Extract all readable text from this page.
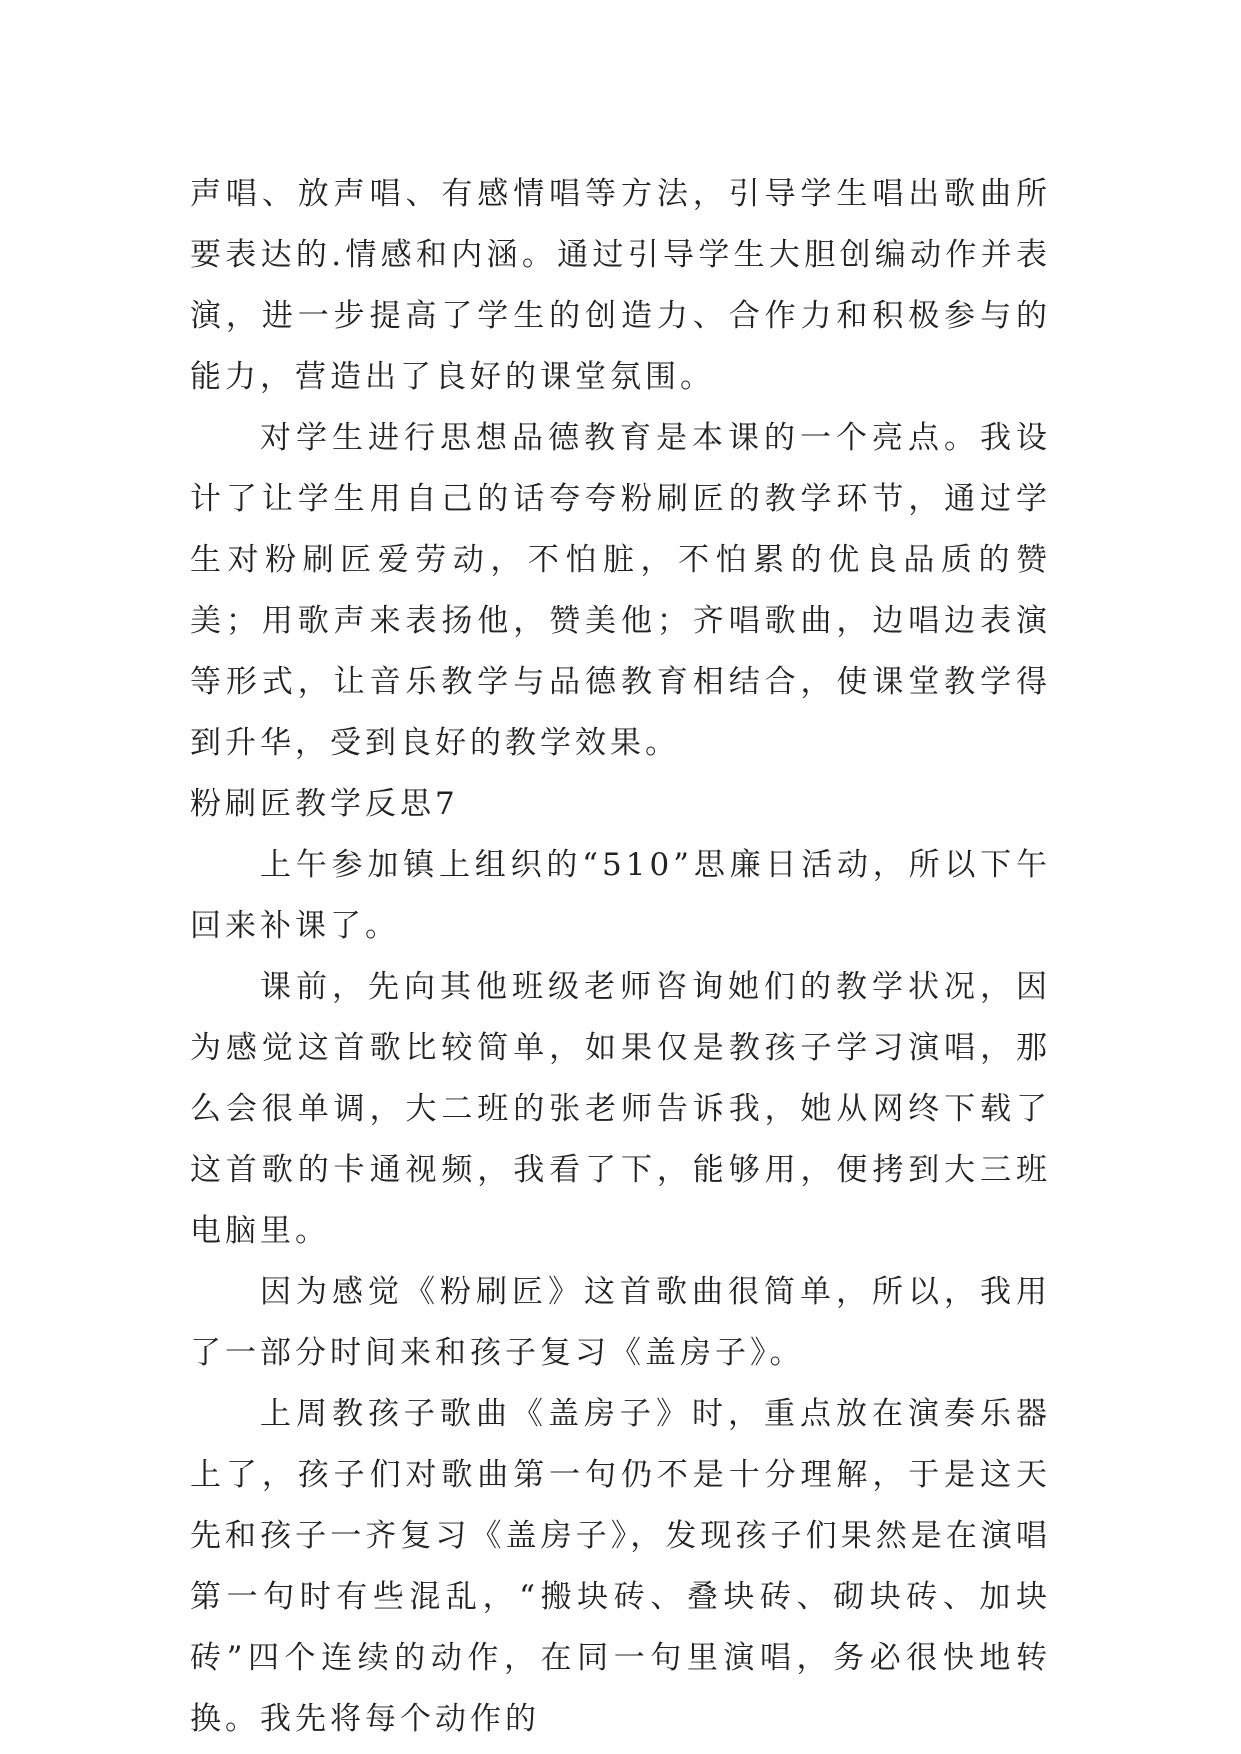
声唱、放声唱、有感情唱等方法，引导学生唱出歌曲所要表达的.情感和内涵。通过引导学生大胆创编动作并表演，进一步提高了学生的创造力、合作力和积极参与的能力，营造出了良好的课堂氛围。

对学生进行思想品德教育是本课的一个亮点。我设计了让学生用自己的话夸夸粉刷匠的教学环节，通过学生对粉刷匠爱劳动，不怕脏，不怕累的优良品质的赞美；用歌声来表扬他，赞美他；齐唱歌曲，边唱边表演等形式，让音乐教学与品德教育相结合，使课堂教学得到升华，受到良好的教学效果。

粉刷匠教学反思7

上午参加镇上组织的“510”思廉日活动，所以下午回来补课了。

课前，先向其他班级老师咨询她们的教学状况，因为感觉这首歌比较简单，如果仅是教孩子学习演唱，那么会很单调，大二班的张老师告诉我，她从网终下载了这首歌的卡通视频，我看了下，能够用，便拷到大三班电脑里。

因为感觉《粉刷匠》这首歌曲很简单，所以，我用了一部分时间来和孩子复习《盖房子》。

上周教孩子歌曲《盖房子》时，重点放在演奏乐器上了，孩子们对歌曲第一句仍不是十分理解，于是这天先和孩子一齐复习《盖房子》，发现孩子们果然是在演唱第一句时有些混乱，“搬块砖、叠块砖、砌块砖、加块砖”四个连续的动作，在同一句里演唱，务必很快地转换。我先将每个动作的
